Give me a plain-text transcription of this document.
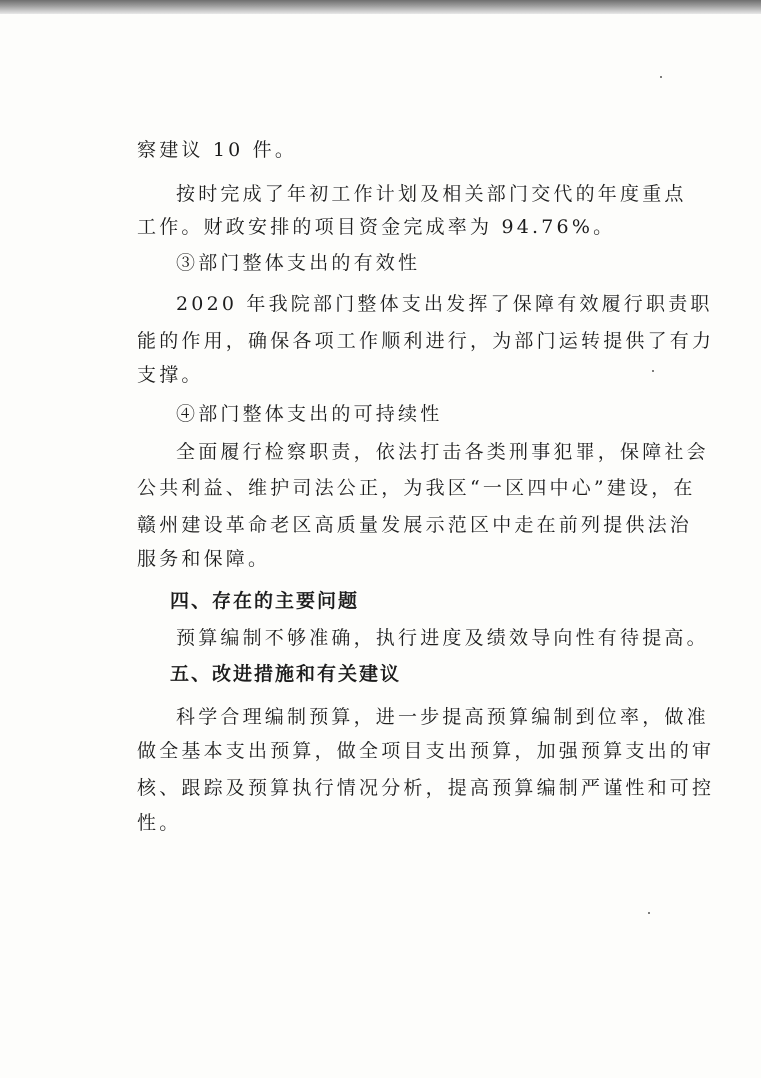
察建议 10 件。
按时完成了年初工作计划及相关部门交代的年度重点
工作。财政安排的项目资金完成率为 94.76%。
③部门整体支出的有效性
2020 年我院部门整体支出发挥了保障有效履行职责职
能的作用，确保各项工作顺利进行，为部门运转提供了有力
支撑。
④部门整体支出的可持续性
全面履行检察职责，依法打击各类刑事犯罪，保障社会
公共利益、维护司法公正，为我区“一区四中心”建设，在
赣州建设革命老区高质量发展示范区中走在前列提供法治
服务和保障。
四、存在的主要问题
预算编制不够准确，执行进度及绩效导向性有待提高。
五、改进措施和有关建议
科学合理编制预算，进一步提高预算编制到位率，做准
做全基本支出预算，做全项目支出预算，加强预算支出的审
核、跟踪及预算执行情况分析，提高预算编制严谨性和可控
性。
